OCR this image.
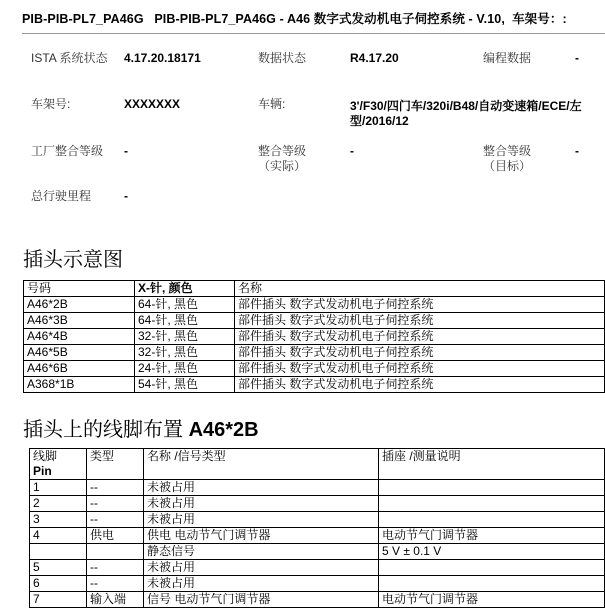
PIB-PIB-PL7_PA46G PIB-PIB-PL7_PA46G - A46 数字式发动机电子伺控系统 - V.10, 车架号：:
ISTA 系统状态 4.17.20.18171	数据状态	R4.17.20	编程数据	-
车架号:	XXXXXXX	车辆:	3'/F30/四门车/320i/B48/自动变速箱/ECE/左
型/2016/12
工厂整合等级 -	整合等级
（实际）
-	整合等级
（目标）
-
总行驶里程	-
插头示意图
号码	X-针, 颜色	名称
A46*2B	64-针, 黑色	部件插头 数字式发动机电子伺控系统
A46*3B	64-针, 黑色	部件插头 数字式发动机电子伺控系统
A46*4B	32-针, 黑色	部件插头 数字式发动机电子伺控系统
A46*5B	32-针, 黑色	部件插头 数字式发动机电子伺控系统
A46*6B	24-针, 黑色	部件插头 数字式发动机电子伺控系统
A368*1B	54-针, 黑色	部件插头 数字式发动机电子伺控系统
插头上的线脚布置 A46*2B
线脚
Pin	类型	名称 /信号类型	插座 /测量说明
1	--	未被占用	
2	--	未被占用	
3	--	未被占用	
4	供电	供电 电动节气门调节器	电动节气门调节器
		静态信号	5 V ± 0.1 V
5	--	未被占用	
6	--	未被占用	
7	输入端	信号 电动节气门调节器	电动节气门调节器
